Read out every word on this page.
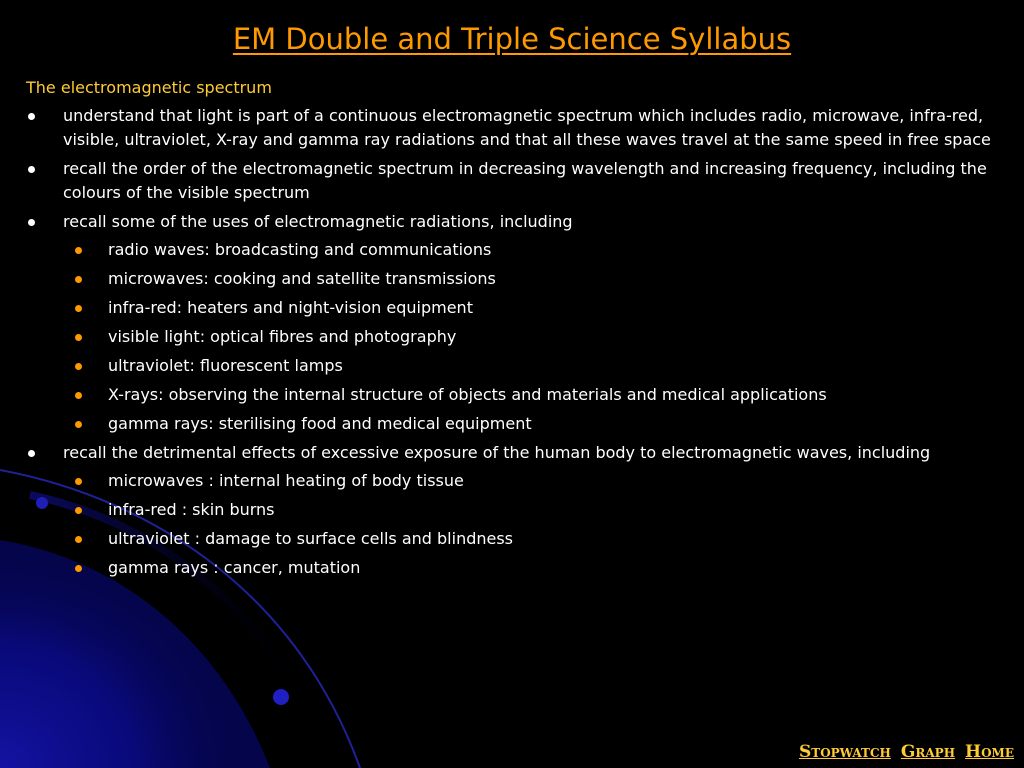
EM Double and Triple Science Syllabus
The electromagnetic spectrum
understand that light is part of a continuous electromagnetic spectrum which includes radio, microwave, infra-red, visible, ultraviolet, X-ray and gamma ray radiations and that all these waves travel at the same speed in free space
recall the order of the electromagnetic spectrum in decreasing wavelength and increasing frequency, including the colours of the visible spectrum
recall some of the uses of electromagnetic radiations, including
radio waves: broadcasting and communications
microwaves: cooking and satellite transmissions
infra-red: heaters and night-vision equipment
visible light: optical fibres and photography
ultraviolet: fluorescent lamps
X-rays: observing the internal structure of objects and materials and medical applications
gamma rays: sterilising food and medical equipment
recall the detrimental effects of excessive exposure of the human body to electromagnetic waves, including
microwaves : internal heating of body tissue
infra-red : skin burns
ultraviolet : damage to surface cells and blindness
gamma rays : cancer, mutation
Stopwatch Graph Home
